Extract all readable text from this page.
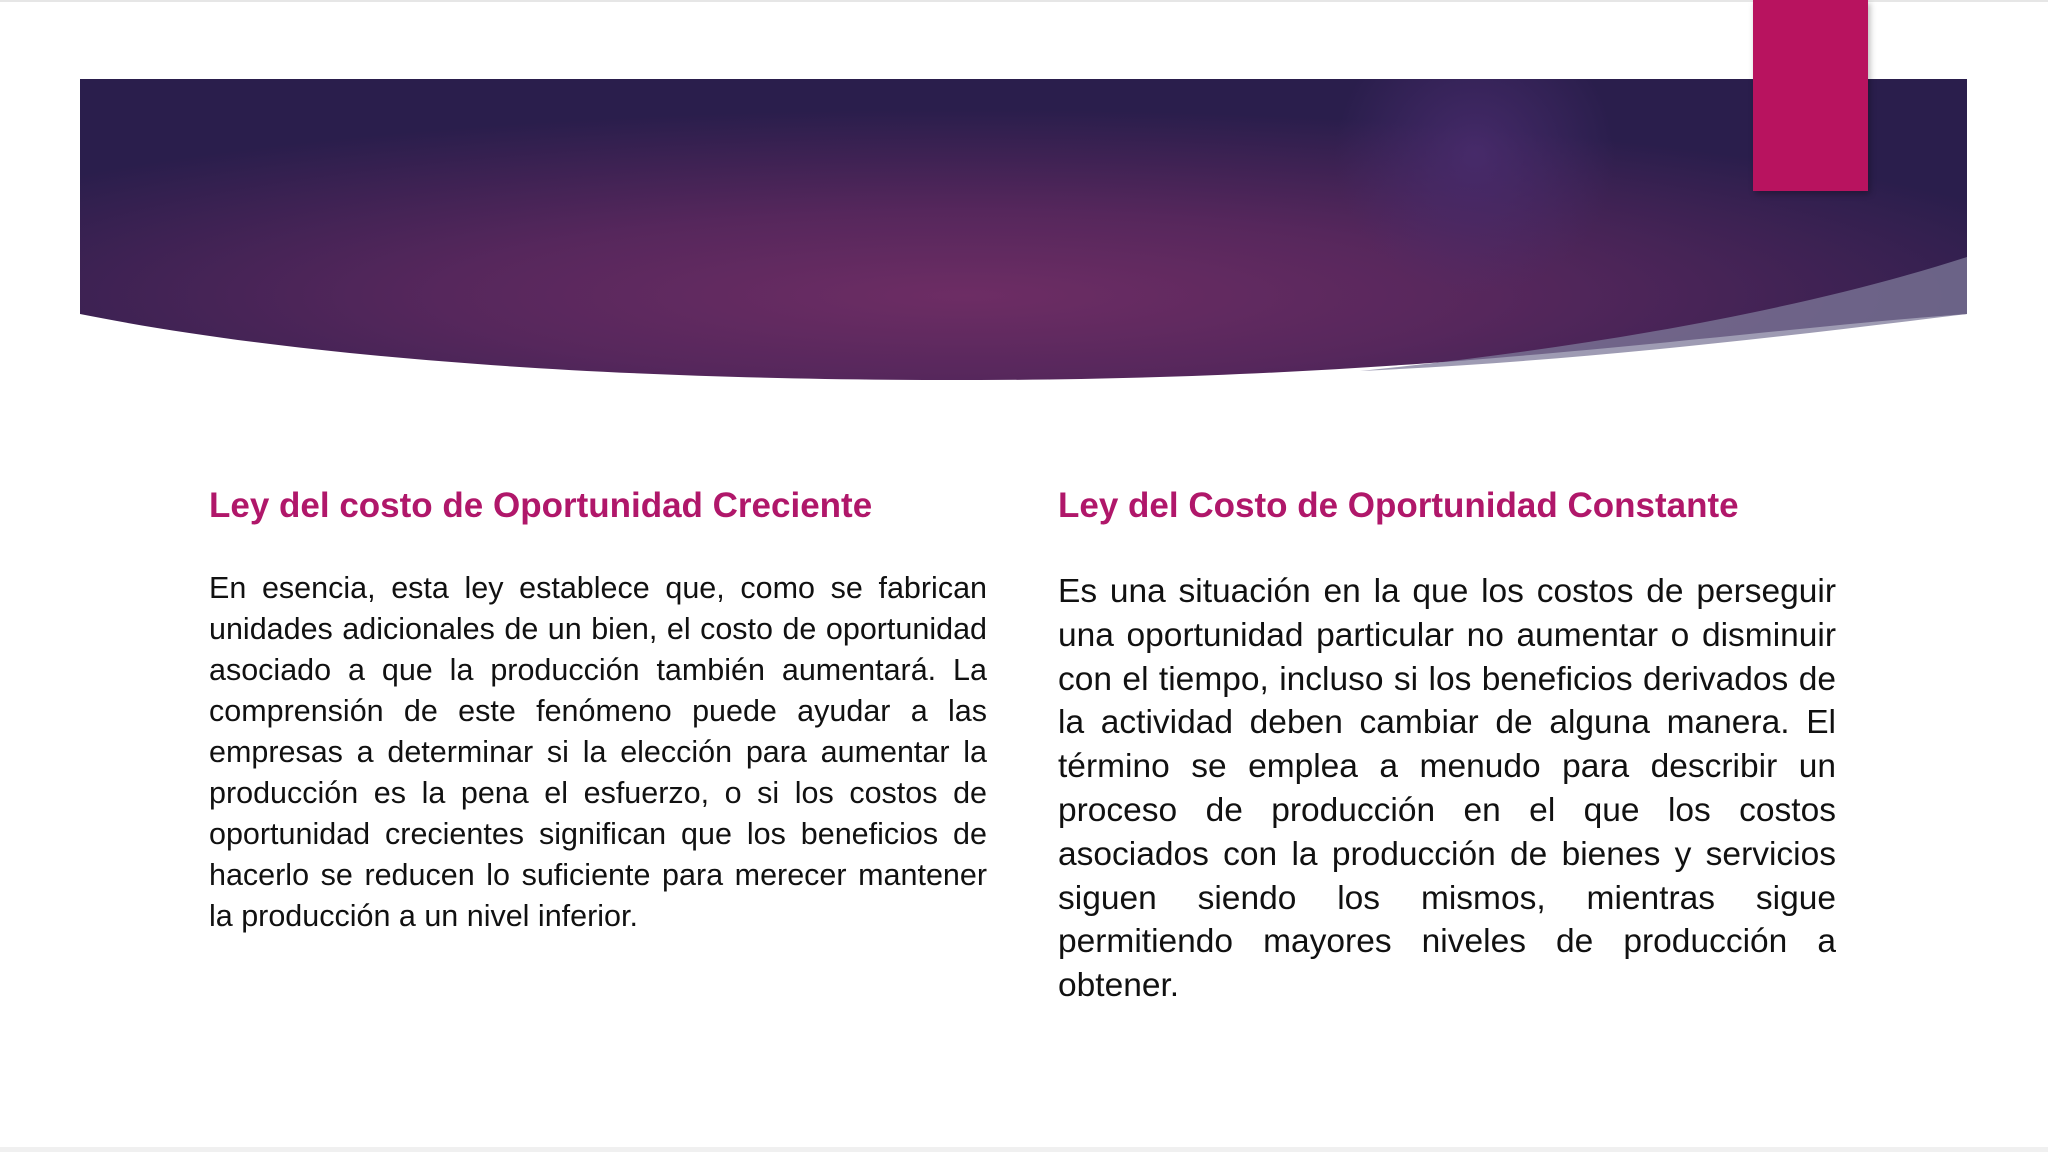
Ley del costo de Oportunidad Creciente

En esencia, esta ley establece que, como se fabrican unidades adicionales de un bien, el costo de oportunidad asociado a que la producción también aumentará. La comprensión de este fenómeno puede ayudar a las empresas a determinar si la elección para aumentar la producción es la pena el esfuerzo, o si los costos de oportunidad crecientes significan que los beneficios de hacerlo se reducen lo suficiente para merecer mantener la producción a un nivel inferior.

Ley del Costo de Oportunidad Constante

Es una situación en la que los costos de perseguir una oportunidad particular no aumentar o disminuir con el tiempo, incluso si los beneficios derivados de la actividad deben cambiar de alguna manera. El término se emplea a menudo para describir un proceso de producción en el que los costos asociados con la producción de bienes y servicios siguen siendo los mismos, mientras sigue permitiendo mayores niveles de producción a obtener.
